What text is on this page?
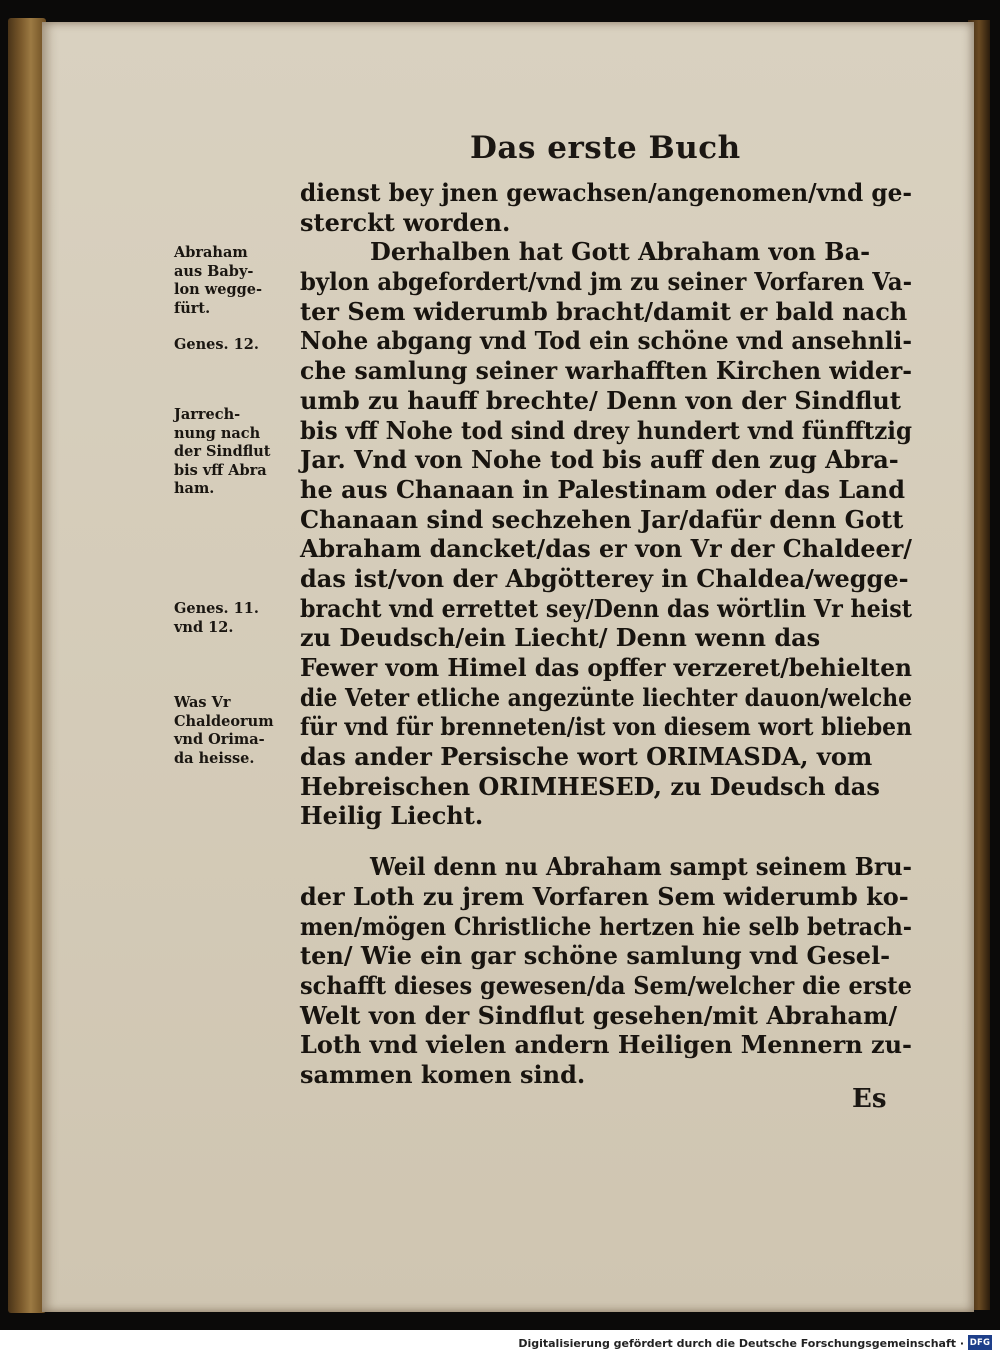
Das erste Buch
Abraham
aus Baby-
lon wegge-
fürt.
Genes. 12.
Jarrech-
nung nach
der Sindflut
bis vff Abra
ham.
Genes. 11.
vnd 12.
Was Vr
Chaldeorum
vnd Orima-
da heisse.
dienst bey jnen gewachsen/angenomen/vnd ge-
sterckt worden.
Derhalben hat Gott Abraham von Ba-
bylon abgefordert/vnd jm zu seiner Vorfaren Va-
ter Sem widerumb bracht/damit er bald nach
Nohe abgang vnd Tod ein schöne vnd ansehnli-
che samlung seiner warhafften Kirchen wider-
umb zu hauff brechte/ Denn von der Sindflut
bis vff Nohe tod sind drey hundert vnd fünfftzig
Jar. Vnd von Nohe tod bis auff den zug Abra-
he aus Chanaan in Palestinam oder das Land
Chanaan sind sechzehen Jar/dafür denn Gott
Abraham dancket/das er von Vr der Chaldeer/
das ist/von der Abgötterey in Chaldea/wegge-
bracht vnd errettet sey/Denn das wörtlin Vr heist
zu Deudsch/ein Liecht/ Denn wenn das
Fewer vom Himel das opffer verzeret/behielten
die Veter etliche angezünte liechter dauon/welche
für vnd für brenneten/ist von diesem wort blieben
das ander Persische wort ORIMASDA, vom
Hebreischen ORIMHESED, zu Deudsch das
Heilig Liecht.
Weil denn nu Abraham sampt seinem Bru-
der Loth zu jrem Vorfaren Sem widerumb ko-
men/mögen Christliche hertzen hie selb betrach-
ten/ Wie ein gar schöne samlung vnd Gesel-
schafft dieses gewesen/da Sem/welcher die erste
Welt von der Sindflut gesehen/mit Abraham/
Loth vnd vielen andern Heiligen Mennern zu-
sammen komen sind.
Es
Digitalisierung gefördert durch die Deutsche Forschungsgemeinschaft · DFG
